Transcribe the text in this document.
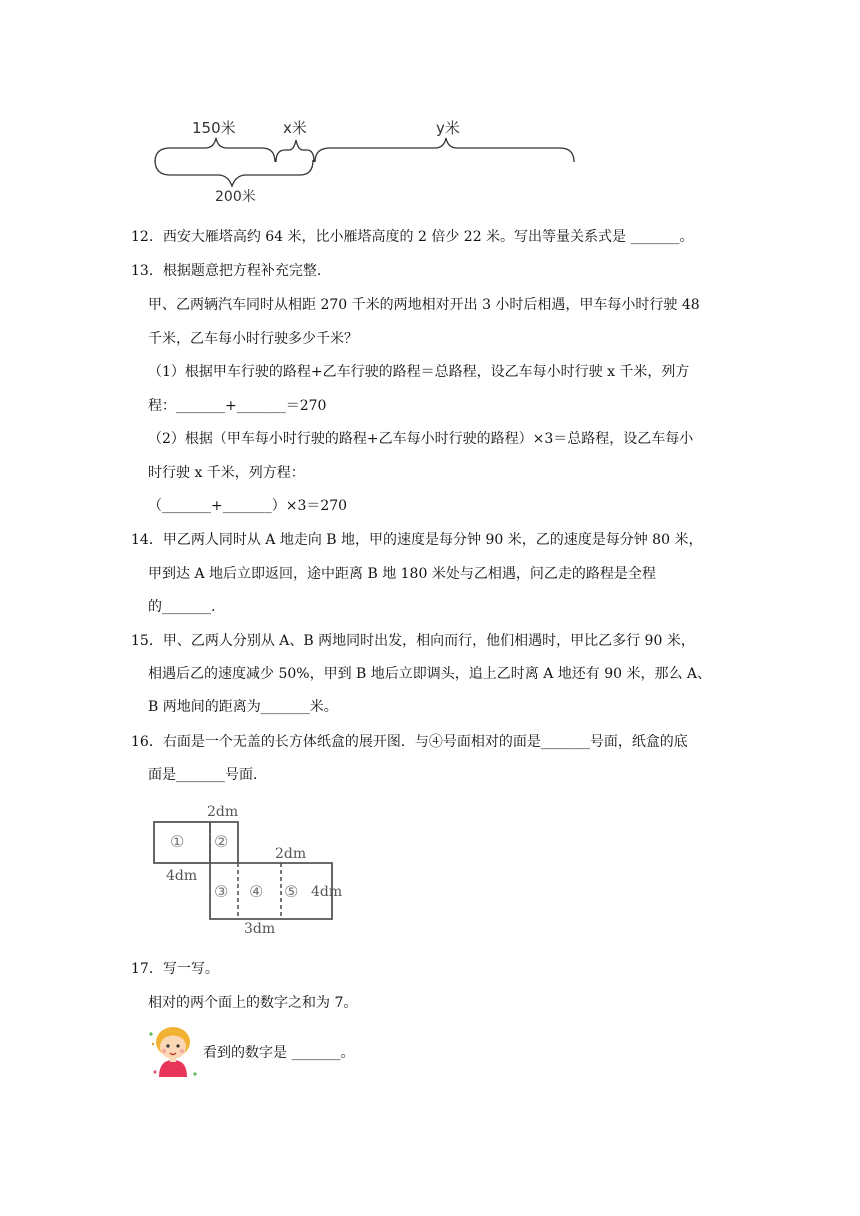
150米	x米	y米
200米
12．西安大雁塔高约 64 米，比小雁塔高度的 2 倍少 22 米。写出等量关系式是 _______。
13．根据题意把方程补充完整.
甲、乙两辆汽车同时从相距 270 千米的两地相对开出 3 小时后相遇，甲车每小时行驶 48
千米，乙车每小时行驶多少千米？
（1）根据甲车行驶的路程+乙车行驶的路程＝总路程，设乙车每小时行驶 x 千米，列方
程：_______+_______＝270
（2）根据（甲车每小时行驶的路程+乙车每小时行驶的路程）×3＝总路程，设乙车每小
时行驶 x 千米，列方程：
（_______+_______）×3＝270
14．甲乙两人同时从 A 地走向 B 地，甲的速度是每分钟 90 米，乙的速度是每分钟 80 米，
甲到达 A 地后立即返回，途中距离 B 地 180 米处与乙相遇，问乙走的路程是全程
的_______.
15．甲、乙两人分别从 A、B 两地同时出发，相向而行，他们相遇时，甲比乙多行 90 米，
相遇后乙的速度减少 50%，甲到 B 地后立即调头，追上乙时离 A 地还有 90 米，那么 A、
B 两地间的距离为_______米。
16．右面是一个无盖的长方体纸盒的展开图．与④号面相对的面是_______号面，纸盒的底
面是_______号面．
2dm
2dm
4dm
4dm
3dm
① ②
③ ④ ⑤
17．写一写。
相对的两个面上的数字之和为 7。
看到的数字是 _______。
